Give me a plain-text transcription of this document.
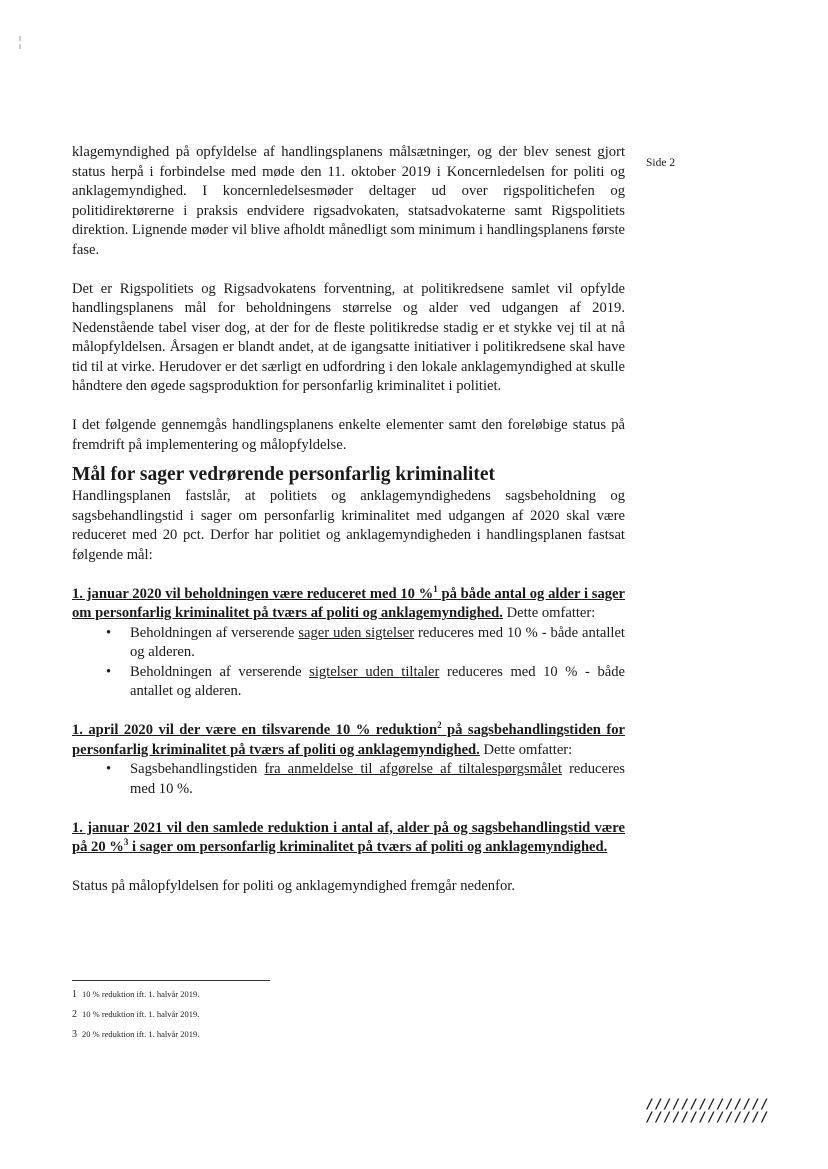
Side 2

klagemyndighed på opfyldelse af handlingsplanens målsætninger, og der blev senest gjort status herpå i forbindelse med møde den 11. oktober 2019 i Koncernledelsen for politi og anklagemyndighed. I koncernledelsesmøder deltager ud over rigspolitichefen og politidirektørerne i praksis endvidere rigsadvokaten, statsadvokaterne samt Rigspolitiets direktion. Lignende møder vil blive afholdt månedligt som minimum i handlingsplanens første fase.

Det er Rigspolitiets og Rigsadvokatens forventning, at politikredsene samlet vil opfylde handlingsplanens mål for beholdningens størrelse og alder ved udgangen af 2019. Nedenstående tabel viser dog, at der for de fleste politikredse stadig er et stykke vej til at nå målopfyldelsen. Årsagen er blandt andet, at de igangsatte initiativer i politikredsene skal have tid til at virke. Herudover er det særligt en udfordring i den lokale anklagemyndighed at skulle håndtere den øgede sagsproduktion for personfarlig kriminalitet i politiet.

I det følgende gennemgås handlingsplanens enkelte elementer samt den foreløbige status på fremdrift på implementering og målopfyldelse.

Mål for sager vedrørende personfarlig kriminalitet

Handlingsplanen fastslår, at politiets og anklagemyndighedens sagsbeholdning og sagsbehandlingstid i sager om personfarlig kriminalitet med udgangen af 2020 skal være reduceret med 20 pct. Derfor har politiet og anklagemyndigheden i handlingsplanen fastsat følgende mål:

1. januar 2020 vil beholdningen være reduceret med 10 %$^1$ på både antal og alder i sager om personfarlig kriminalitet på tværs af politi og anklagemyndighed. Dette omfatter:

• Beholdningen af verserende sager uden sigtelser reduceres med 10 % - både antallet og alderen.
• Beholdningen af verserende sigtelser uden tiltaler reduceres med 10 % - både antallet og alderen.

1. april 2020 vil der være en tilsvarende 10 % reduktion$^2$ på sagsbehandlingstiden for personfarlig kriminalitet på tværs af politi og anklagemyndighed. Dette omfatter:

• Sagsbehandlingstiden fra anmeldelse til afgørelse af tiltalespørgsmålet reduceres med 10 %.

1. januar 2021 vil den samlede reduktion i antal af, alder på og sagsbehandlingstid være på 20 %$^3$ i sager om personfarlig kriminalitet på tværs af politi og anklagemyndighed.

Status på målopfyldelsen for politi og anklagemyndighed fremgår nedenfor.

1 10 % reduktion ift. 1. halvår 2019.
2 10 % reduktion ift. 1. halvår 2019.
3 20 % reduktion ift. 1. halvår 2019.
//////////////
//////////////
